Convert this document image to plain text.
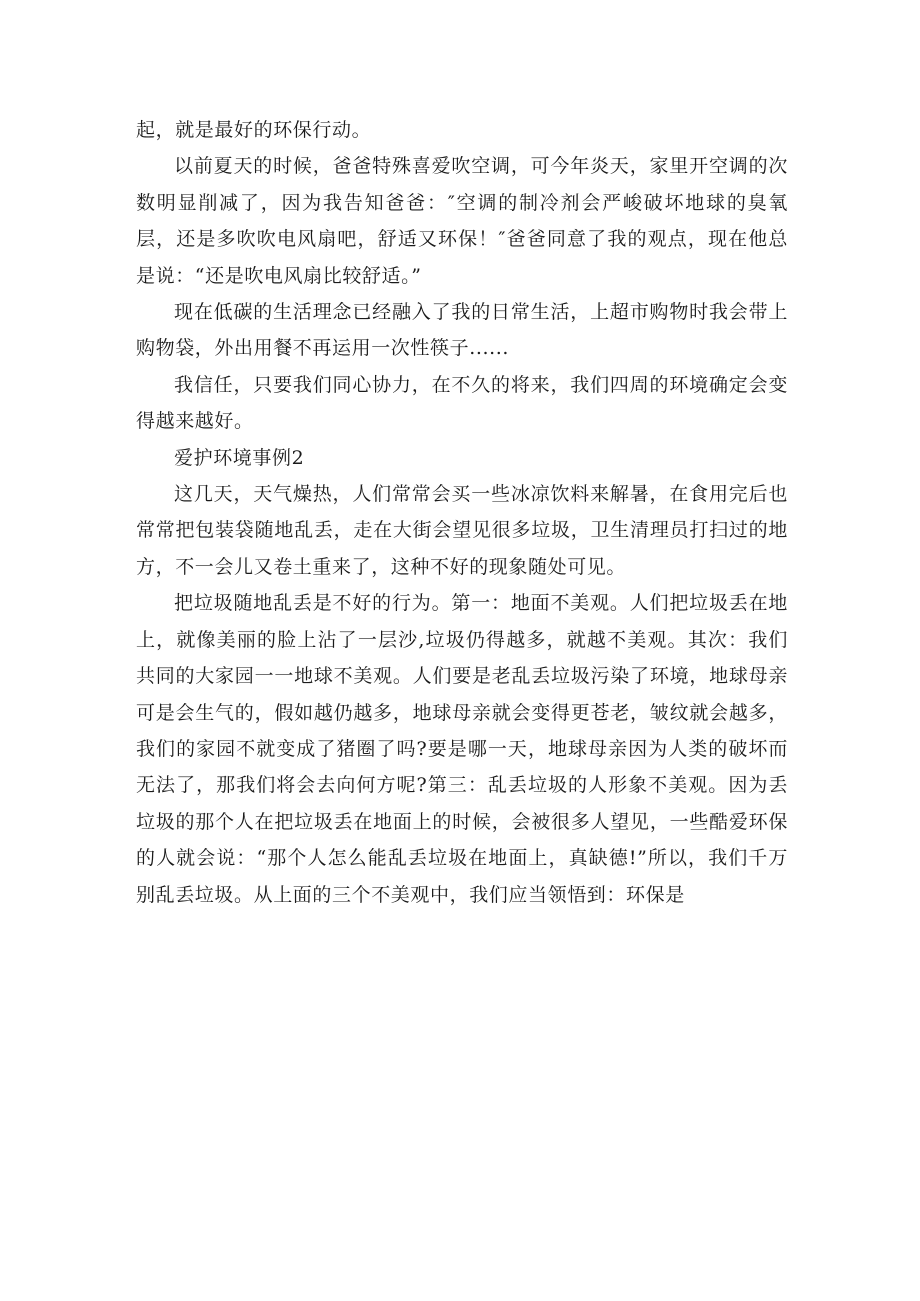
起，就是最好的环保行动。

以前夏天的时候，爸爸特殊喜爱吹空调，可今年炎天，家里开空调的次数明显削减了，因为我告知爸爸：″空调的制冷剂会严峻破坏地球的臭氧层，还是多吹吹电风扇吧，舒适又环保！″爸爸同意了我的观点，现在他总是说：“还是吹电风扇比较舒适。”

现在低碳的生活理念已经融入了我的日常生活，上超市购物时我会带上购物袋，外出用餐不再运用一次性筷子......

我信任，只要我们同心协力，在不久的将来，我们四周的环境确定会变得越来越好。

爱护环境事例2

这几天，天气燥热，人们常常会买一些冰凉饮料来解暑，在食用完后也常常把包装袋随地乱丢，走在大街会望见很多垃圾，卫生清理员打扫过的地方，不一会儿又卷土重来了，这种不好的现象随处可见。

把垃圾随地乱丢是不好的行为。第一：地面不美观。人们把垃圾丢在地上，就像美丽的脸上沾了一层沙,垃圾仍得越多，就越不美观。其次：我们共同的大家园一一地球不美观。人们要是老乱丢垃圾污染了环境，地球母亲可是会生气的，假如越仍越多，地球母亲就会变得更苍老，皱纹就会越多，我们的家园不就变成了猪圈了吗?要是哪一天，地球母亲因为人类的破坏而无法了，那我们将会去向何方呢?第三：乱丢垃圾的人形象不美观。因为丢垃圾的那个人在把垃圾丢在地面上的时候，会被很多人望见，一些酷爱环保的人就会说：“那个人怎么能乱丢垃圾在地面上，真缺德!”所以，我们千万别乱丢垃圾。从上面的三个不美观中，我们应当领悟到：环保是
